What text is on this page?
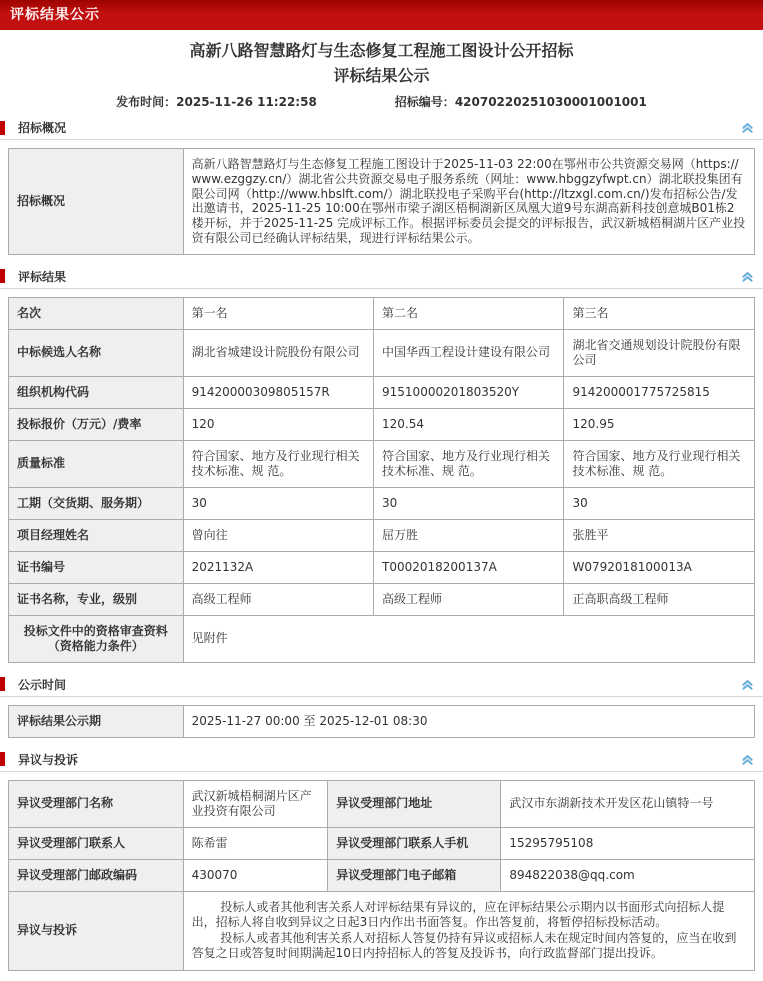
评标结果公示
高新八路智慧路灯与生态修复工程施工图设计公开招标
评标结果公示
发布时间：2025-11-26 11:22:58	招标编号：42070220251030001001001
招标概况
招标概况	高新八路智慧路灯与生态修复工程施工图设计于2025-11-03 22:00在鄂州市公共资源交易网（https://www.ezggzy.cn/）湖北省公共资源交易电子服务系统（网址：www.hbggzyfwpt.cn）湖北联投集团有限公司网（http://www.hbslft.com/）湖北联投电子采购平台(http://ltzxgl.com.cn/)发布招标公告/发出邀请书，2025-11-25 10:00在鄂州市梁子湖区梧桐湖新区凤凰大道9号东湖高新科技创意城B01栋2楼开标，并于2025-11-25 完成评标工作。根据评标委员会提交的评标报告，武汉新城梧桐湖片区产业投资有限公司已经确认评标结果，现进行评标结果公示。
评标结果
名次	第一名	第二名	第三名
中标候选人名称	湖北省城建设计院股份有限公司	中国华西工程设计建设有限公司	湖北省交通规划设计院股份有限公司
组织机构代码	91420000309805157R	91510000201803520Y	914200001775725815
投标报价（万元）/费率	120	120.54	120.95
质量标准	符合国家、地方及行业现行相关技术标准、规 范。	符合国家、地方及行业现行相关技术标准、规 范。	符合国家、地方及行业现行相关技术标准、规 范。
工期（交货期、服务期）	30	30	30
项目经理姓名	曾向往	屈万胜	张胜平
证书编号	2021132A	T0002018200137A	W0792018100013A
证书名称，专业，级别	高级工程师	高级工程师	正高职高级工程师
投标文件中的资格审查资料（资格能力条件）	见附件		
公示时间
评标结果公示期	2025-11-27 00:00 至 2025-12-01 08:30
异议与投诉
异议受理部门名称	武汉新城梧桐湖片区产业投资有限公司	异议受理部门地址	武汉市东湖新技术开发区花山镇特一号
异议受理部门联系人	陈希雷	异议受理部门联系人手机	15295795108
异议受理部门邮政编码	430070	异议受理部门电子邮箱	894822038@qq.com
异议与投诉	投标人或者其他利害关系人对评标结果有异议的，应在评标结果公示期内以书面形式向招标人提出，招标人将自收到异议之日起3日内作出书面答复。作出答复前，将暂停招标投标活动。

投标人或者其他利害关系人对招标人答复仍持有异议或招标人未在规定时间内答复的，应当在收到答复之日或答复时间期满起10日内持招标人的答复及投诉书，向行政监督部门提出投诉。		
